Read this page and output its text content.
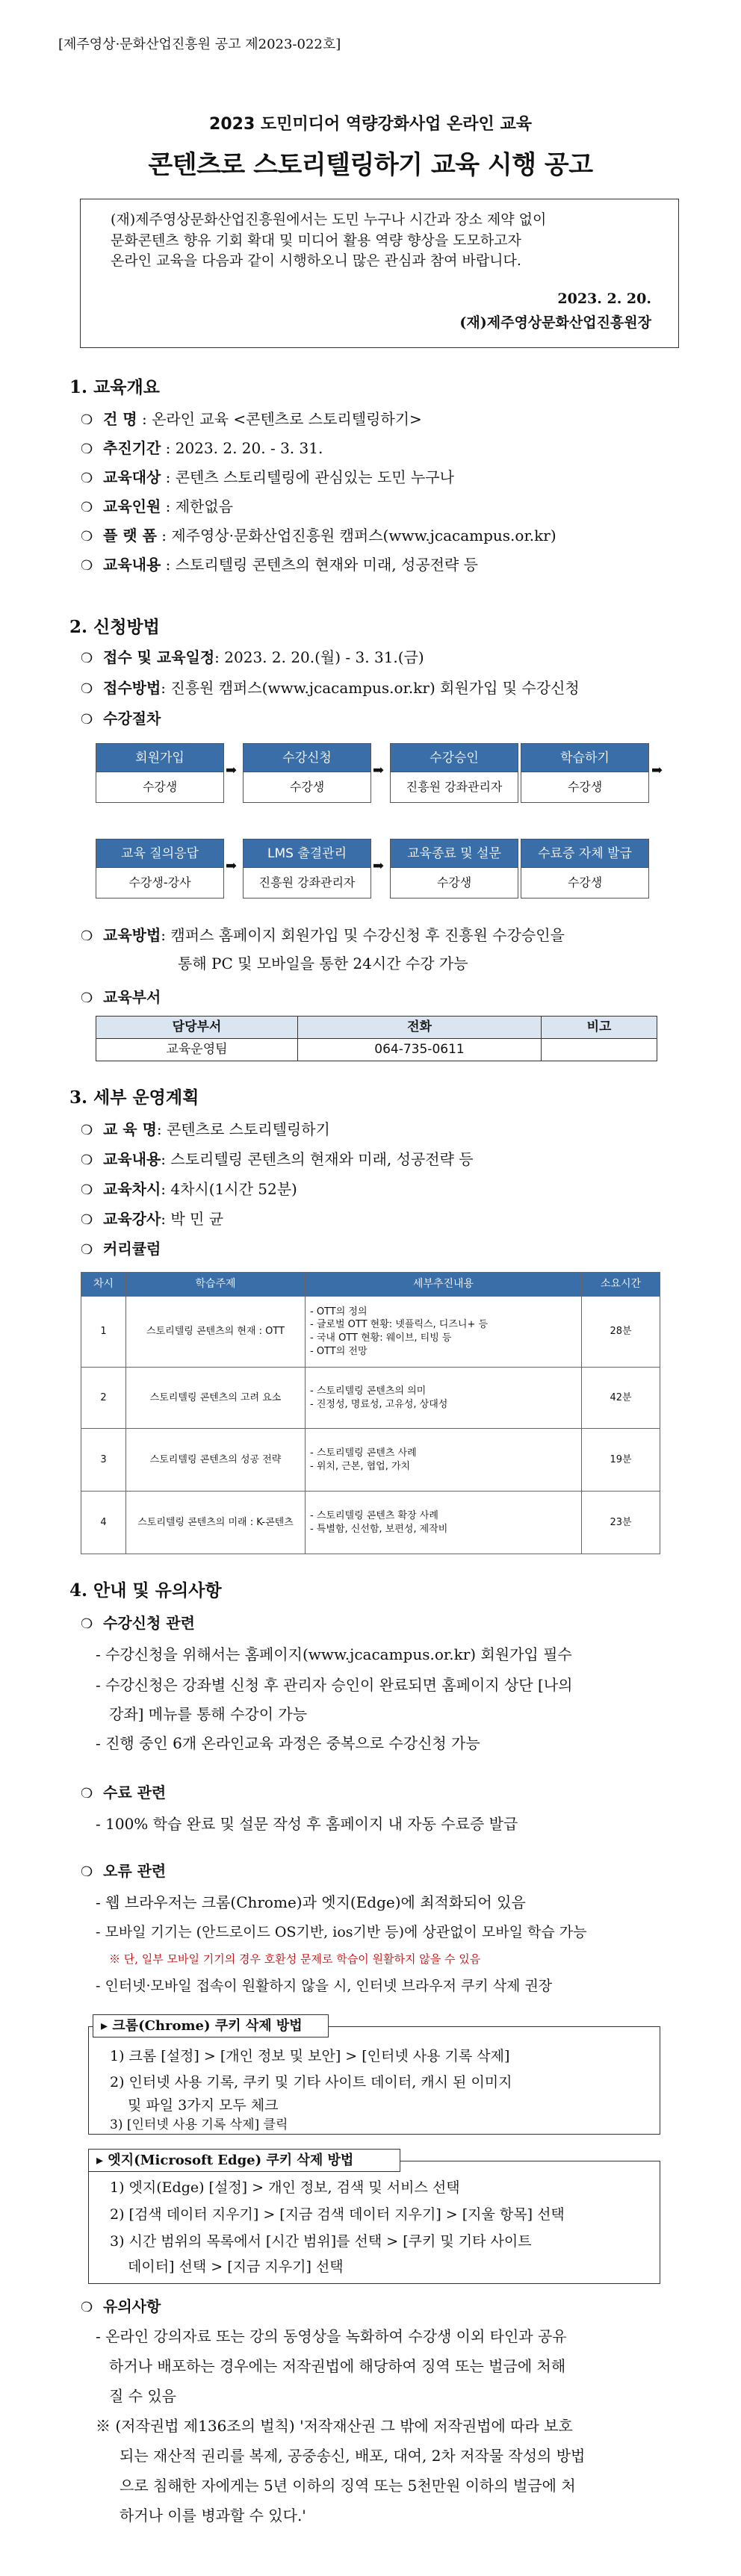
[제주영상·문화산업진흥원 공고 제2023-022호]
2023 도민미디어 역량강화사업 온라인 교육
콘텐츠로 스토리텔링하기 교육 시행 공고

(재)제주영상문화산업진흥원에서는 도민 누구나 시간과 장소 제약 없이

문화콘텐츠 향유 기회 확대 및 미디어 활용 역량 향상을 도모하고자

온라인 교육을 다음과 같이 시행하오니 많은 관심과 참여 바랍니다.

2023. 2. 20.
(재)제주영상문화산업진흥원장
1. 교육개요
❍ 건 명 : 온라인 교육 <콘텐츠로 스토리텔링하기>
❍ 추진기간 : 2023. 2. 20. - 3. 31.
❍ 교육대상 : 콘텐츠 스토리텔링에 관심있는 도민 누구나
❍ 교육인원 : 제한없음
❍ 플 랫 폼 : 제주영상·문화산업진흥원 캠퍼스(www.jcacampus.or.kr)
❍ 교육내용 : 스토리텔링 콘텐츠의 현재와 미래, 성공전략 등
2. 신청방법
❍ 접수 및 교육일정: 2023. 2. 20.(월) - 3. 31.(금)
❍ 접수방법: 진흥원 캠퍼스(www.jcacampus.or.kr) 회원가입 및 수강신청
❍ 수강절차
회원가입
수강생
➡
수강신청
수강생
➡
수강승인
진흥원 강좌관리자
학습하기
수강생
➡
교육 질의응답
수강생-강사
➡
LMS 출결관리
진흥원 강좌관리자
➡
교육종료 및 설문
수강생
수료증 자체 발급
수강생
❍ 교육방법: 캠퍼스 홈페이지 회원가입 및 수강신청 후 진흥원 수강승인을
통해 PC 및 모바일을 통한 24시간 수강 가능
❍ 교육부서
담당부서	전화	비고
교육운영팀	064-735-0611	
3. 세부 운영계획
❍ 교 육 명: 콘텐츠로 스토리텔링하기
❍ 교육내용: 스토리텔링 콘텐츠의 현재와 미래, 성공전략 등
❍ 교육차시: 4차시(1시간 52분)
❍ 교육강사: 박 민 균
❍ 커리큘럼
차시	학습주제	세부추진내용	소요시간
1	스토리텔링 콘텐츠의 현재 : OTT	- OTT의 정의
- 글로벌 OTT 현황: 넷플릭스, 디즈니+ 등
- 국내 OTT 현황: 웨이브, 티빙 등
- OTT의 전망	28분
2	스토리텔링 콘텐츠의 고려 요소	- 스토리텔링 콘텐츠의 의미
- 진정성, 명료성, 고유성, 상대성	42분
3	스토리텔링 콘텐츠의 성공 전략	- 스토리텔링 콘텐츠 사례
- 위치, 근본, 협업, 가치	19분
4	스토리텔링 콘텐츠의 미래 : K-콘텐츠	- 스토리텔링 콘텐츠 확장 사례
- 특별함, 신선함, 보편성, 제작비	23분
4. 안내 및 유의사항
❍ 수강신청 관련
- 수강신청을 위해서는 홈페이지(www.jcacampus.or.kr) 회원가입 필수
- 수강신청은 강좌별 신청 후 관리자 승인이 완료되면 홈페이지 상단 [나의
강좌] 메뉴를 통해 수강이 가능
- 진행 중인 6개 온라인교육 과정은 중복으로 수강신청 가능
❍ 수료 관련
- 100% 학습 완료 및 설문 작성 후 홈페이지 내 자동 수료증 발급
❍ 오류 관련
- 웹 브라우저는 크롬(Chrome)과 엣지(Edge)에 최적화되어 있음
- 모바일 기기는 (안드로이드 OS기반, ios기반 등)에 상관없이 모바일 학습 가능
※ 단, 일부 모바일 기기의 경우 호환성 문제로 학습이 원활하지 않을 수 있음
- 인터넷·모바일 접속이 원활하지 않을 시, 인터넷 브라우저 쿠키 삭제 권장
1) 크롬 [설정] > [개인 정보 및 보안] > [인터넷 사용 기록 삭제]
2) 인터넷 사용 기록, 쿠키 및 기타 사이트 데이터, 캐시 된 이미지
및 파일 3가지 모두 체크
3) [인터넷 사용 기록 삭제] 클릭
▸ 크롬(Chrome) 쿠키 삭제 방법
1) 엣지(Edge) [설정] > 개인 정보, 검색 및 서비스 선택
2) [검색 데이터 지우기] > [지금 검색 데이터 지우기] > [지울 항목] 선택
3) 시간 범위의 목록에서 [시간 범위]를 선택 > [쿠키 및 기타 사이트
데이터] 선택 > [지금 지우기] 선택
▸ 엣지(Microsoft Edge) 쿠키 삭제 방법
❍ 유의사항
- 온라인 강의자료 또는 강의 동영상을 녹화하여 수강생 이외 타인과 공유
하거나 배포하는 경우에는 저작권법에 해당하여 징역 또는 벌금에 처해
질 수 있음
※ (저작권법 제136조의 벌칙) '저작재산권 그 밖에 저작권법에 따라 보호
되는 재산적 권리를 복제, 공중송신, 배포, 대여, 2차 저작물 작성의 방법
으로 침해한 자에게는 5년 이하의 징역 또는 5천만원 이하의 벌금에 처
하거나 이를 병과할 수 있다.'
